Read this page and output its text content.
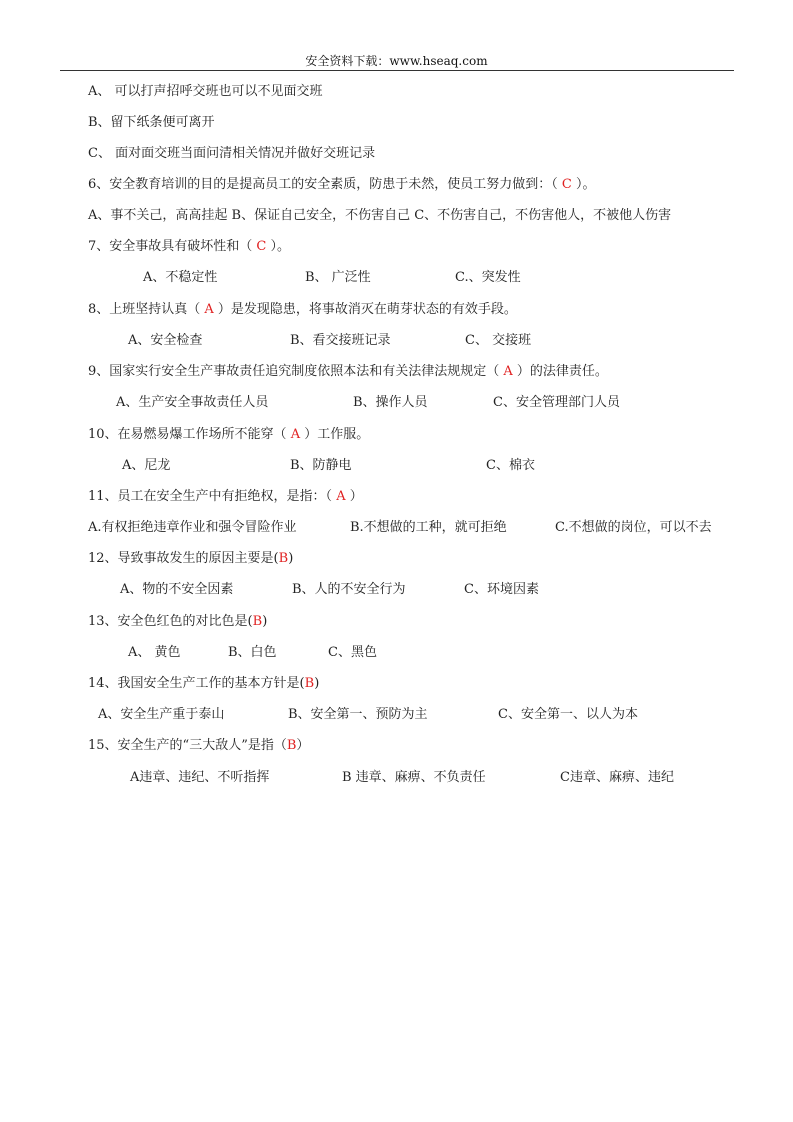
安全资料下载：www.hseaq.com
A、 可以打声招呼交班也可以不见面交班
B、留下纸条便可离开
C、 面对面交班当面问清相关情况并做好交班记录
6、安全教育培训的目的是提高员工的安全素质，防患于未然，使员工努力做到：（ C ）。
A、事不关己，高高挂起 B、保证自己安全，不伤害自己 C、不伤害自己，不伤害他人，不被他人伤害
7、安全事故具有破坏性和（ C ）。
A、不稳定性	B、 广泛性	C.、突发性
8、上班坚持认真（ A ）是发现隐患，将事故消灭在萌芽状态的有效手段。
A、安全检查	B、看交接班记录	C、 交接班
9、国家实行安全生产事故责任追究制度依照本法和有关法律法规规定（ A ）的法律责任。
A、生产安全事故责任人员	B、操作人员	C、安全管理部门人员
10、在易燃易爆工作场所不能穿（ A ）工作服。
A、尼龙	B、防静电	C、棉衣
11、员工在安全生产中有拒绝权，是指：（ A ）
A.有权拒绝违章作业和强令冒险作业	B.不想做的工种，就可拒绝	C.不想做的岗位，可以不去
12、导致事故发生的原因主要是(B)
A、物的不安全因素	B、人的不安全行为	C、环境因素
13、安全色红色的对比色是(B)
A、 黄色	B、白色	C、黑色
14、我国安全生产工作的基本方针是(B)
A、安全生产重于泰山	B、安全第一、预防为主	C、安全第一、以人为本
15、安全生产的“三大敌人”是指（B）
A违章、违纪、不听指挥	B 违章、麻痹、不负责任	C违章、麻痹、违纪
